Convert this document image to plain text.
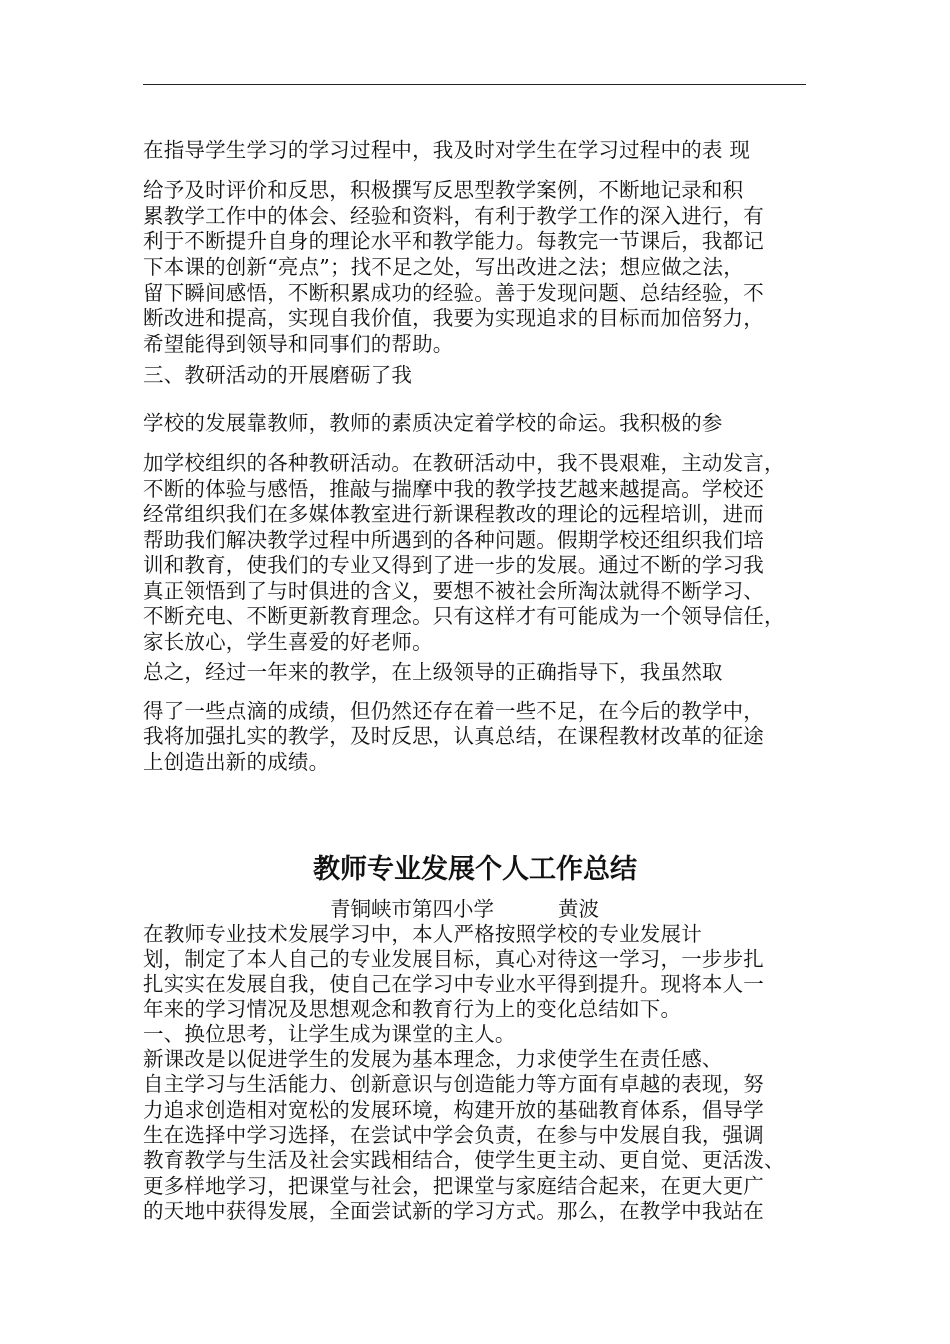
在指导学生学习的学习过程中，我及时对学生在学习过程中的表 现
给予及时评价和反思，积极撰写反思型教学案例，不断地记录和积
累教学工作中的体会、经验和资料，有利于教学工作的深入进行，有
利于不断提升自身的理论水平和教学能力。每教完一节课后，我都记
下本课的创新“亮点”；找不足之处，写出改进之法；想应做之法，
留下瞬间感悟，不断积累成功的经验。善于发现问题、总结经验，不
断改进和提高，实现自我价值，我要为实现追求的目标而加倍努力，
希望能得到领导和同事们的帮助。
三、教研活动的开展磨砺了我
学校的发展靠教师，教师的素质决定着学校的命运。我积极的参
加学校组织的各种教研活动。在教研活动中，我不畏艰难，主动发言，
不断的体验与感悟，推敲与揣摩中我的教学技艺越来越提高。学校还
经常组织我们在多媒体教室进行新课程教改的理论的远程培训，进而
帮助我们解决教学过程中所遇到的各种问题。假期学校还组织我们培
训和教育，使我们的专业又得到了进一步的发展。通过不断的学习我
真正领悟到了与时俱进的含义，要想不被社会所淘汰就得不断学习、
不断充电、不断更新教育理念。只有这样才有可能成为一个领导信任，
家长放心，学生喜爱的好老师。
总之，经过一年来的教学，在上级领导的正确指导下，我虽然取
得了一些点滴的成绩，但仍然还存在着一些不足，在今后的教学中，
我将加强扎实的教学，及时反思，认真总结，在课程教材改革的征途
上创造出新的成绩。
教师专业发展个人工作总结
青铜峡市第四小学	黄波
在教师专业技术发展学习中，本人严格按照学校的专业发展计
划，制定了本人自己的专业发展目标，真心对待这一学习，一步步扎
扎实实在发展自我，使自己在学习中专业水平得到提升。现将本人一
年来的学习情况及思想观念和教育行为上的变化总结如下。
一、换位思考，让学生成为课堂的主人。
新课改是以促进学生的发展为基本理念，力求使学生在责任感、
自主学习与生活能力、创新意识与创造能力等方面有卓越的表现，努
力追求创造相对宽松的发展环境，构建开放的基础教育体系，倡导学
生在选择中学习选择，在尝试中学会负责，在参与中发展自我，强调
教育教学与生活及社会实践相结合，使学生更主动、更自觉、更活泼、
更多样地学习，把课堂与社会，把课堂与家庭结合起来，在更大更广
的天地中获得发展，全面尝试新的学习方式。那么，在教学中我站在
